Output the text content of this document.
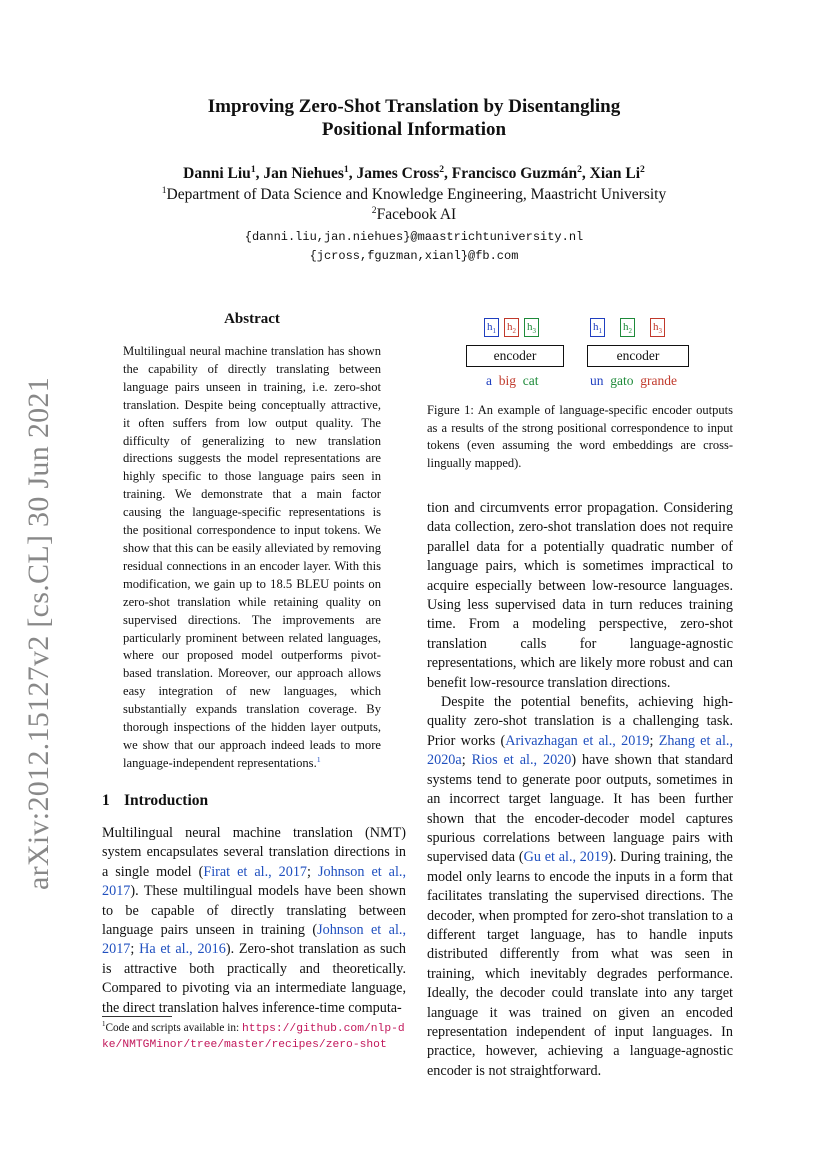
arXiv:2012.15127v2 [cs.CL] 30 Jun 2021
Improving Zero-Shot Translation by Disentangling
Positional Information
Danni Liu$^1$, Jan Niehues$^1$, James Cross$^2$, Francisco Guzmán$^2$, Xian Li$^2$
$^1$Department of Data Science and Knowledge Engineering, Maastricht University
$^2$Facebook AI
{danni.liu,jan.niehues}@maastrichtuniversity.nl
{jcross,fguzman,xianl}@fb.com
Abstract
Multilingual neural machine translation has shown the capability of directly translating between language pairs unseen in training, i.e. zero-shot translation. Despite being conceptually attractive, it often suffers from low output quality. The difficulty of generalizing to new translation directions suggests the model representations are highly specific to those language pairs seen in training. We demonstrate that a main factor causing the language-specific representations is the positional correspondence to input tokens. We show that this can be easily alleviated by removing residual connections in an encoder layer. With this modification, we gain up to 18.5 BLEU points on zero-shot translation while retaining quality on supervised directions. The improvements are particularly prominent between related languages, where our proposed model outperforms pivot-based translation. Moreover, our approach allows easy integration of new languages, which substantially expands translation coverage. By thorough inspections of the hidden layer outputs, we show that our approach indeed leads to more language-independent representations.$^1$
1 Introduction
Multilingual neural machine translation (NMT) system encapsulates several translation directions in a single model (Firat et al., 2017; Johnson et al., 2017). These multilingual models have been shown to be capable of directly translating between language pairs unseen in training (Johnson et al., 2017; Ha et al., 2016). Zero-shot translation as such is attractive both practically and theoretically. Compared to pivoting via an intermediate language, the direct translation halves inference-time computa-
$^1$Code and scripts available in: https://github.com/nlp-dke/NMTGMinor/tree/master/recipes/zero-shot
$h_1$ $h_2$ $h_3$	$h_1$ $h_2$ $h_3$
encoder	encoder
a big cat	un gato grande
Figure 1: An example of language-specific encoder outputs as a results of the strong positional correspondence to input tokens (even assuming the word embeddings are cross-lingually mapped).

tion and circumvents error propagation. Considering data collection, zero-shot translation does not require parallel data for a potentially quadratic number of language pairs, which is sometimes impractical to acquire especially between low-resource languages. Using less supervised data in turn reduces training time. From a modeling perspective, zero-shot translation calls for language-agnostic representations, which are likely more robust and can benefit low-resource translation directions.

Despite the potential benefits, achieving high-quality zero-shot translation is a challenging task. Prior works (Arivazhagan et al., 2019; Zhang et al., 2020a; Rios et al., 2020) have shown that standard systems tend to generate poor outputs, sometimes in an incorrect target language. It has been further shown that the encoder-decoder model captures spurious correlations between language pairs with supervised data (Gu et al., 2019). During training, the model only learns to encode the inputs in a form that facilitates translating the supervised directions. The decoder, when prompted for zero-shot translation to a different target language, has to handle inputs distributed differently from what was seen in training, which inevitably degrades performance. Ideally, the decoder could translate into any target language it was trained on given an encoded representation independent of input languages. In practice, however, achieving a language-agnostic encoder is not straightforward.
